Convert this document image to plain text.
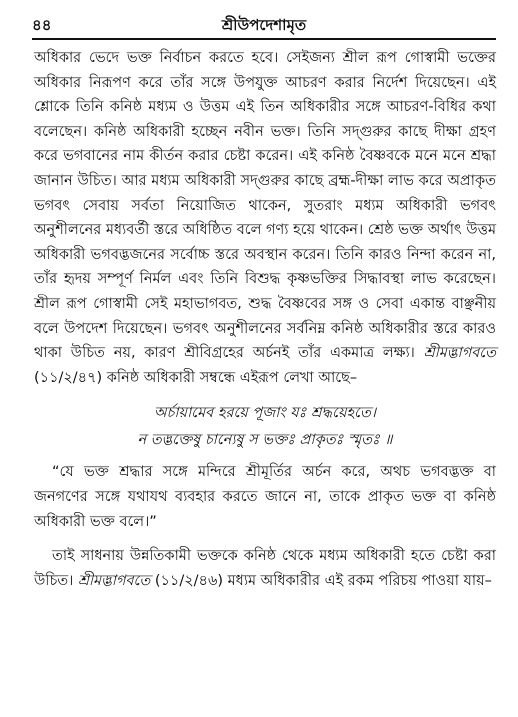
৪৪	শ্রীউপদেশামৃত

অধিকার ভেদে ভক্ত নির্বাচন করতে হবে। সেইজন্য শ্রীল রূপ গোস্বামী ভক্তের অধিকার নিরূপণ করে তাঁর সঙ্গে উপযুক্ত আচরণ করার নির্দেশ দিয়েছেন। এই শ্লোকে তিনি কনিষ্ঠ মধ্যম ও উত্তম এই তিন অধিকারীর সঙ্গে আচরণ-বিধির কথা বলেছেন। কনিষ্ঠ অধিকারী হচ্ছেন নবীন ভক্ত। তিনি সদ্গুরুর কাছে দীক্ষা গ্রহণ করে ভগবানের নাম কীর্তন করার চেষ্টা করেন। এই কনিষ্ঠ বৈষ্ণবকে মনে মনে শ্রদ্ধা জানান উচিত। আর মধ্যম অধিকারী সদ্গুরুর কাছে ব্রহ্ম-দীক্ষা লাভ করে অপ্রাকৃত ভগবৎ সেবায় সর্বতা নিয়োজিত থাকেন, সুতরাং মধ্যম অধিকারী ভগবৎ অনুশীলনের মধ্যবর্তী স্তরে অধিষ্ঠিত বলে গণ্য হয়ে থাকেন। শ্রেষ্ঠ ভক্ত অর্থাৎ উত্তম অধিকারী ভগবদ্ভজনের সর্বোচ্চ স্তরে অবস্থান করেন। তিনি কারও নিন্দা করেন না, তাঁর হৃদয় সম্পূর্ণ নির্মল এবং তিনি বিশুদ্ধ কৃষ্ণভক্তির সিদ্ধাবস্থা লাভ করেছেন। শ্রীল রূপ গোস্বামী সেই মহাভাগবত, শুদ্ধ বৈষ্ণবের সঙ্গ ও সেবা একান্ত বাঞ্ছনীয় বলে উপদেশ দিয়েছেন। ভগবৎ অনুশীলনের সর্বনিম্ন কনিষ্ঠ অধিকারীর স্তরে কারও থাকা উচিত নয়, কারণ শ্রীবিগ্রহের অর্চনই তাঁর একমাত্র লক্ষ্য। শ্রীমদ্ভাগবতে (১১/২/৪৭) কনিষ্ঠ অধিকারী সম্বন্ধে এইরূপ লেখা আছে–

অর্চায়ামেব হরয়ে পূজাং যঃ শ্রদ্ধয়েহতে।
ন তদ্ভক্তেষু চান্যেষু স ভক্তঃ প্রাকৃতঃ স্মৃতঃ ॥

“যে ভক্ত শ্রদ্ধার সঙ্গে মন্দিরে শ্রীমূর্তির অর্চন করে, অথচ ভগবদ্ভক্ত বা জনগণের সঙ্গে যথাযথ ব্যবহার করতে জানে না, তাকে প্রাকৃত ভক্ত বা কনিষ্ঠ অধিকারী ভক্ত বলে।”

তাই সাধনায় উন্নতিকামী ভক্তকে কনিষ্ঠ থেকে মধ্যম অধিকারী হতে চেষ্টা করা উচিত। শ্রীমদ্ভাগবতে (১১/২/৪৬) মধ্যম অধিকারীর এই রকম পরিচয় পাওয়া যায়–
